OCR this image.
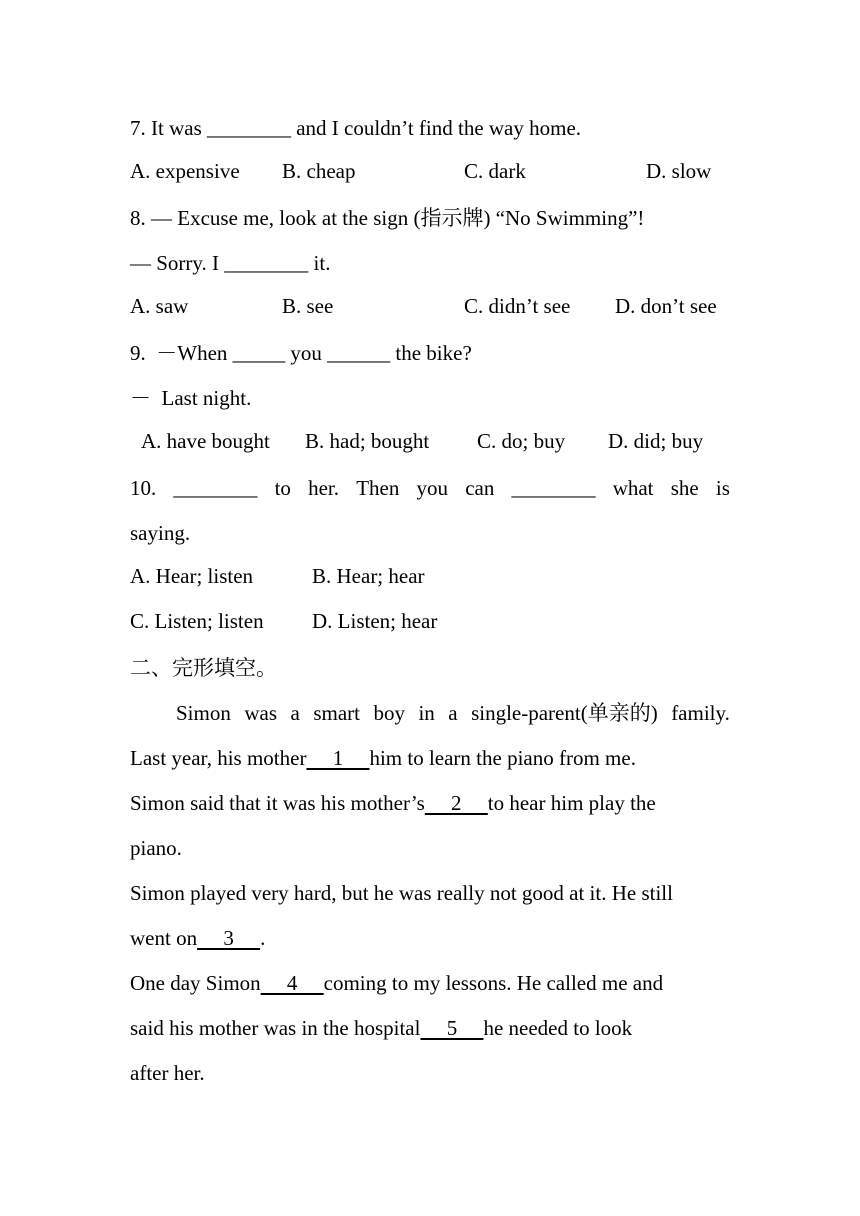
7. It was ________ and I couldn’t find the way home.
A. expensive B. cheap	C. dark	D. slow
8. — Excuse me, look at the sign (指示牌) “No Swimming”!
— Sorry. I ________ it.
A. saw	B. see	C. didn’t see D. don’t see
9.  －When _____ you ______ the bike?
－  Last night.
A. have bought B. had; bought C. do; buy D. did; buy
10. ________ to her. Then you can ________ what she is
saying.
A. Hear; listen	B. Hear; hear
C. Listen; listen D. Listen; hear
二、完形填空。
Simon was a smart boy in a single-parent(单亲的) family.
Last year, his mother     1     him to learn the piano from me.
Simon said that it was his mother’s     2     to hear him play the
piano.
Simon played very hard, but he was really not good at it. He still
went on     3     .
One day Simon     4     coming to my lessons. He called me and
said his mother was in the hospital     5     he needed to look
after her.
